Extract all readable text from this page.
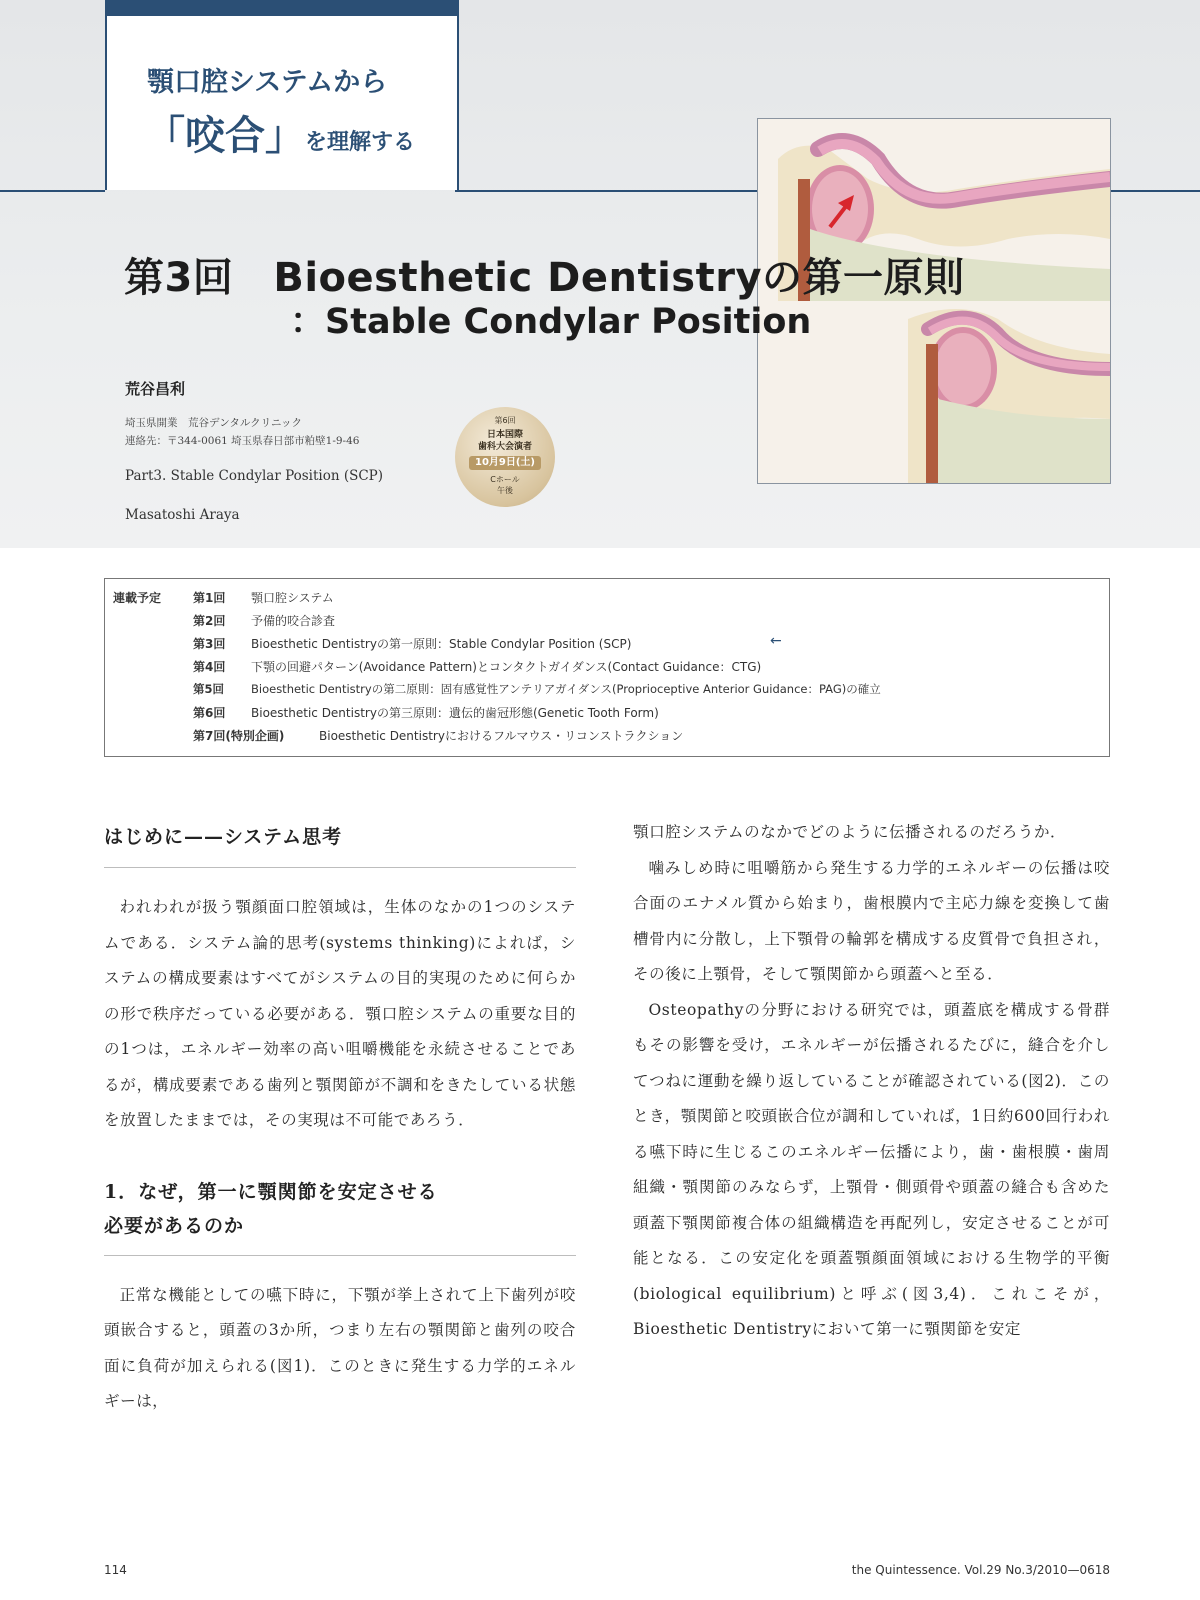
顎口腔システムから
「咬合」を理解する
第3回 Bioesthetic Dentistryの第一原則
：Stable Condylar Position
荒谷昌利
埼玉県開業　荒谷デンタルクリニック
連絡先：〒344-0061 埼玉県春日部市粕壁1-9-46
Part3. Stable Condylar Position (SCP)
Masatoshi Araya
第6回
日本国際
歯科大会演者
10月9日(土)
Cホール
午後
連載予定	第1回 顎口腔システム
第2回 予備的咬合診査
第3回 Bioesthetic Dentistryの第一原則：Stable Condylar Position (SCP)	←
第4回 下顎の回避パターン(Avoidance Pattern)とコンタクトガイダンス(Contact Guidance：CTG)
第5回 Bioesthetic Dentistryの第二原則：固有感覚性アンテリアガイダンス(Proprioceptive Anterior Guidance：PAG)の確立
第6回 Bioesthetic Dentistryの第三原則：遺伝的歯冠形態(Genetic Tooth Form)
第7回(特別企画)	Bioesthetic Dentistryにおけるフルマウス・リコンストラクション
はじめに——システム思考

われわれが扱う顎顔面口腔領域は，生体のなかの1つのシステムである．システム論的思考(systems thinking)によれば，システムの構成要素はすべてがシステムの目的実現のために何らかの形で秩序だっている必要がある．顎口腔システムの重要な目的の1つは，エネルギー効率の高い咀嚼機能を永続させることであるが，構成要素である歯列と顎関節が不調和をきたしている状態を放置したままでは，その実現は不可能であろう．

1．なぜ，第一に顎関節を安定させる
必要があるのか

正常な機能としての嚥下時に，下顎が挙上されて上下歯列が咬頭嵌合すると，頭蓋の3か所，つまり左右の顎関節と歯列の咬合面に負荷が加えられる(図1)．このときに発生する力学的エネルギーは，

顎口腔システムのなかでどのように伝播されるのだろうか．

噛みしめ時に咀嚼筋から発生する力学的エネルギーの伝播は咬合面のエナメル質から始まり，歯根膜内で主応力線を変換して歯槽骨内に分散し，上下顎骨の輪郭を構成する皮質骨で負担され，その後に上顎骨，そして顎関節から頭蓋へと至る．

Osteopathyの分野における研究では，頭蓋底を構成する骨群もその影響を受け，エネルギーが伝播されるたびに，縫合を介してつねに運動を繰り返していることが確認されている(図2)．このとき，顎関節と咬頭嵌合位が調和していれば，1日約600回行われる嚥下時に生じるこのエネルギー伝播により，歯・歯根膜・歯周組織・顎関節のみならず，上顎骨・側頭骨や頭蓋の縫合も含めた頭蓋下顎関節複合体の組織構造を再配列し，安定させることが可能となる．この安定化を頭蓋顎顔面領域における生物学的平衡(biological equilibrium)と呼ぶ(図3,4)．これこそが，Bioesthetic Dentistryにおいて第一に顎関節を安定

114	the Quintessence. Vol.29 No.3/2010—0618
